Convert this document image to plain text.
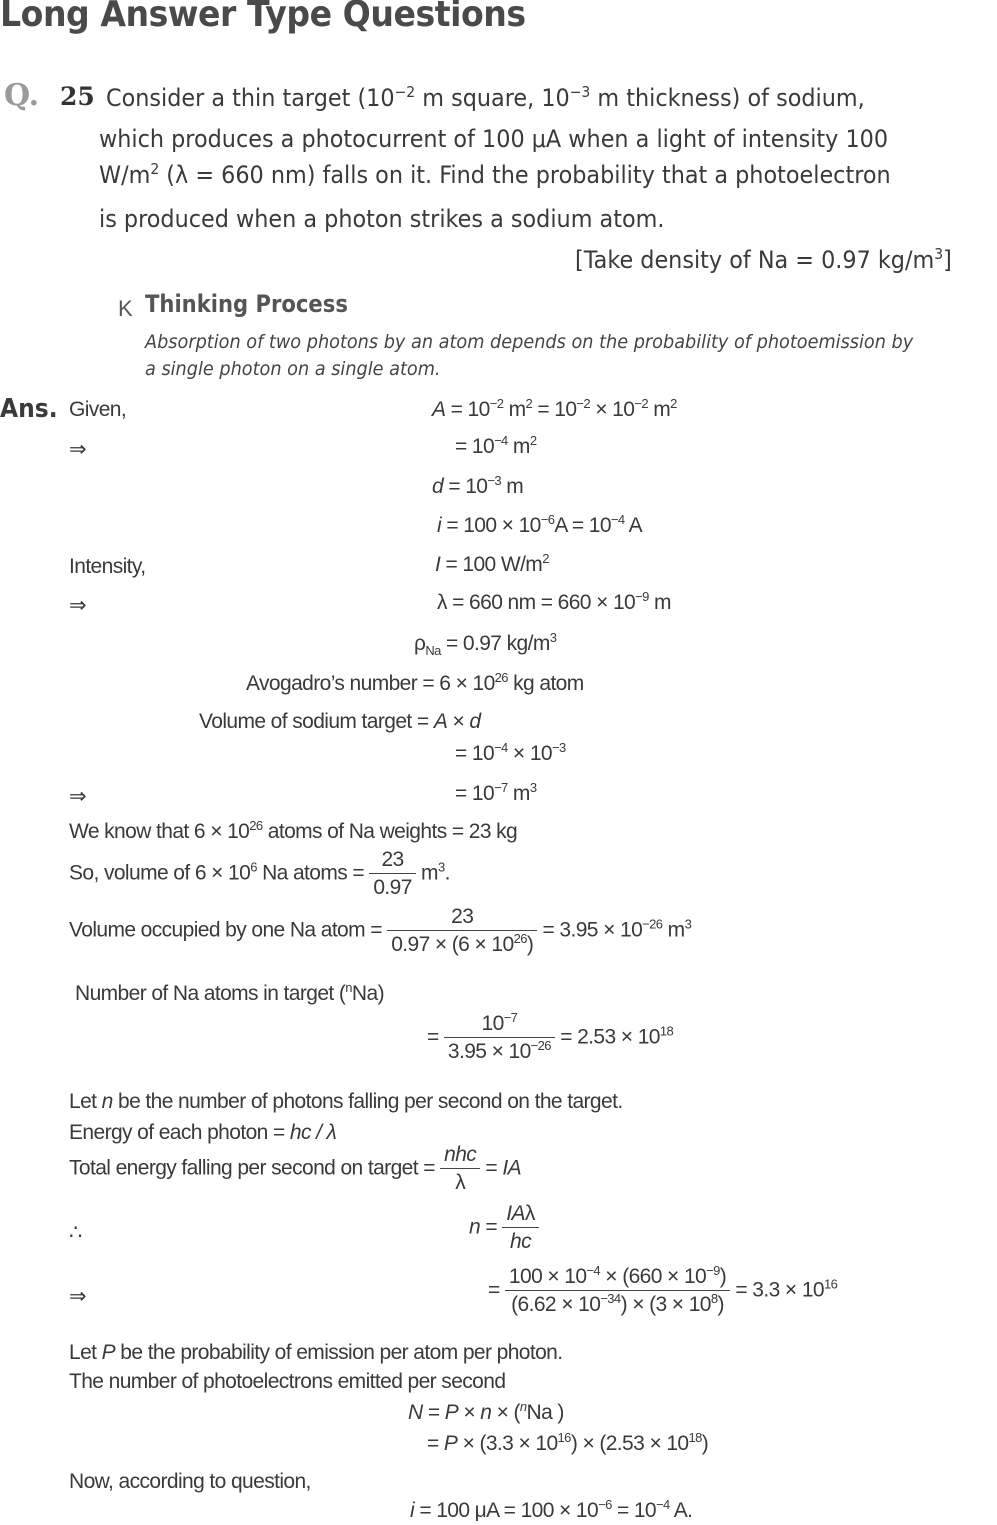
Long Answer Type Questions
Q. 25 Consider a thin target ($10^{-2}$ m square, $10^{-3}$ m thickness) of sodium,
which produces a photocurrent of 100 μA when a light of intensity 100
$W/m^2$ (λ = 660 nm) falls on it. Find the probability that a photoelectron
is produced when a photon strikes a sodium atom.
[Take density of Na = 0.97 $kg/m^3$]
K Thinking Process
Absorption of two photons by an atom depends on the probability of photoemission by
a single photon on a single atom.
Ans. Given,	$A = 10^{-2}$ $m^2 = 10^{-2} \times 10^{-2}$ $m^2$
⇒	= $10^{-4}$ $m^2$
$d = 10^{-3}$ m
$i = 100 \times 10^{-6}A = 10^{-4}$ A
Intensity,	I = 100 $W/m^2$
⇒	λ = 660 nm = $660 \times 10^{-9}$ m
$\rho_{Na} = 0.97$ $kg/m^3$
Avogadro’s number = $6 \times 10^{26}$ kg atom
Volume of sodium target = A × d
= $10^{-4} \times 10^{-3}$
⇒	= $10^{-7}$ $m^3$
We know that $6 \times 10^{26}$ atoms of Na weights = 23 kg
So, volume of $6 \times 10^6$ Na atoms = $\frac{23}{0.97} m^3$.
Volume occupied by one Na atom = $\frac{23}{0.97 \times (6 \times 10^{26})} = 3.95 \times 10^{-26}$ $m^3$
Number of Na atoms in target ($^n$Na)
= $\frac{10^{-7}}{3.95 \times 10^{-26}} = 2.53 \times 10^{18}$
Let n be the number of photons falling per second on the target.
Energy of each photon = hc / λ
Total energy falling per second on target = $\frac{\text{nhc}}{\lambda}$ = IA
∴	$n = \frac{\text{IAλ}}{hc}$
⇒	= $\frac{100 \times 10^{-4} \times (660 \times 10^{-9})}{(6.62 \times 10^{-34}) \times (3 \times 10^8)} = 3.3 \times 10^{16}$
Let P be the probability of emission per atom per photon.
The number of photoelectrons emitted per second
N = P × n × ($^n$Na )
= $P \times (3.3 \times 10^{16}) \times (2.53 \times 10^{18})$
Now, according to question,
i = 100 $\mu A = 100 \times 10^{-6} = 10^{-4}$ A.
